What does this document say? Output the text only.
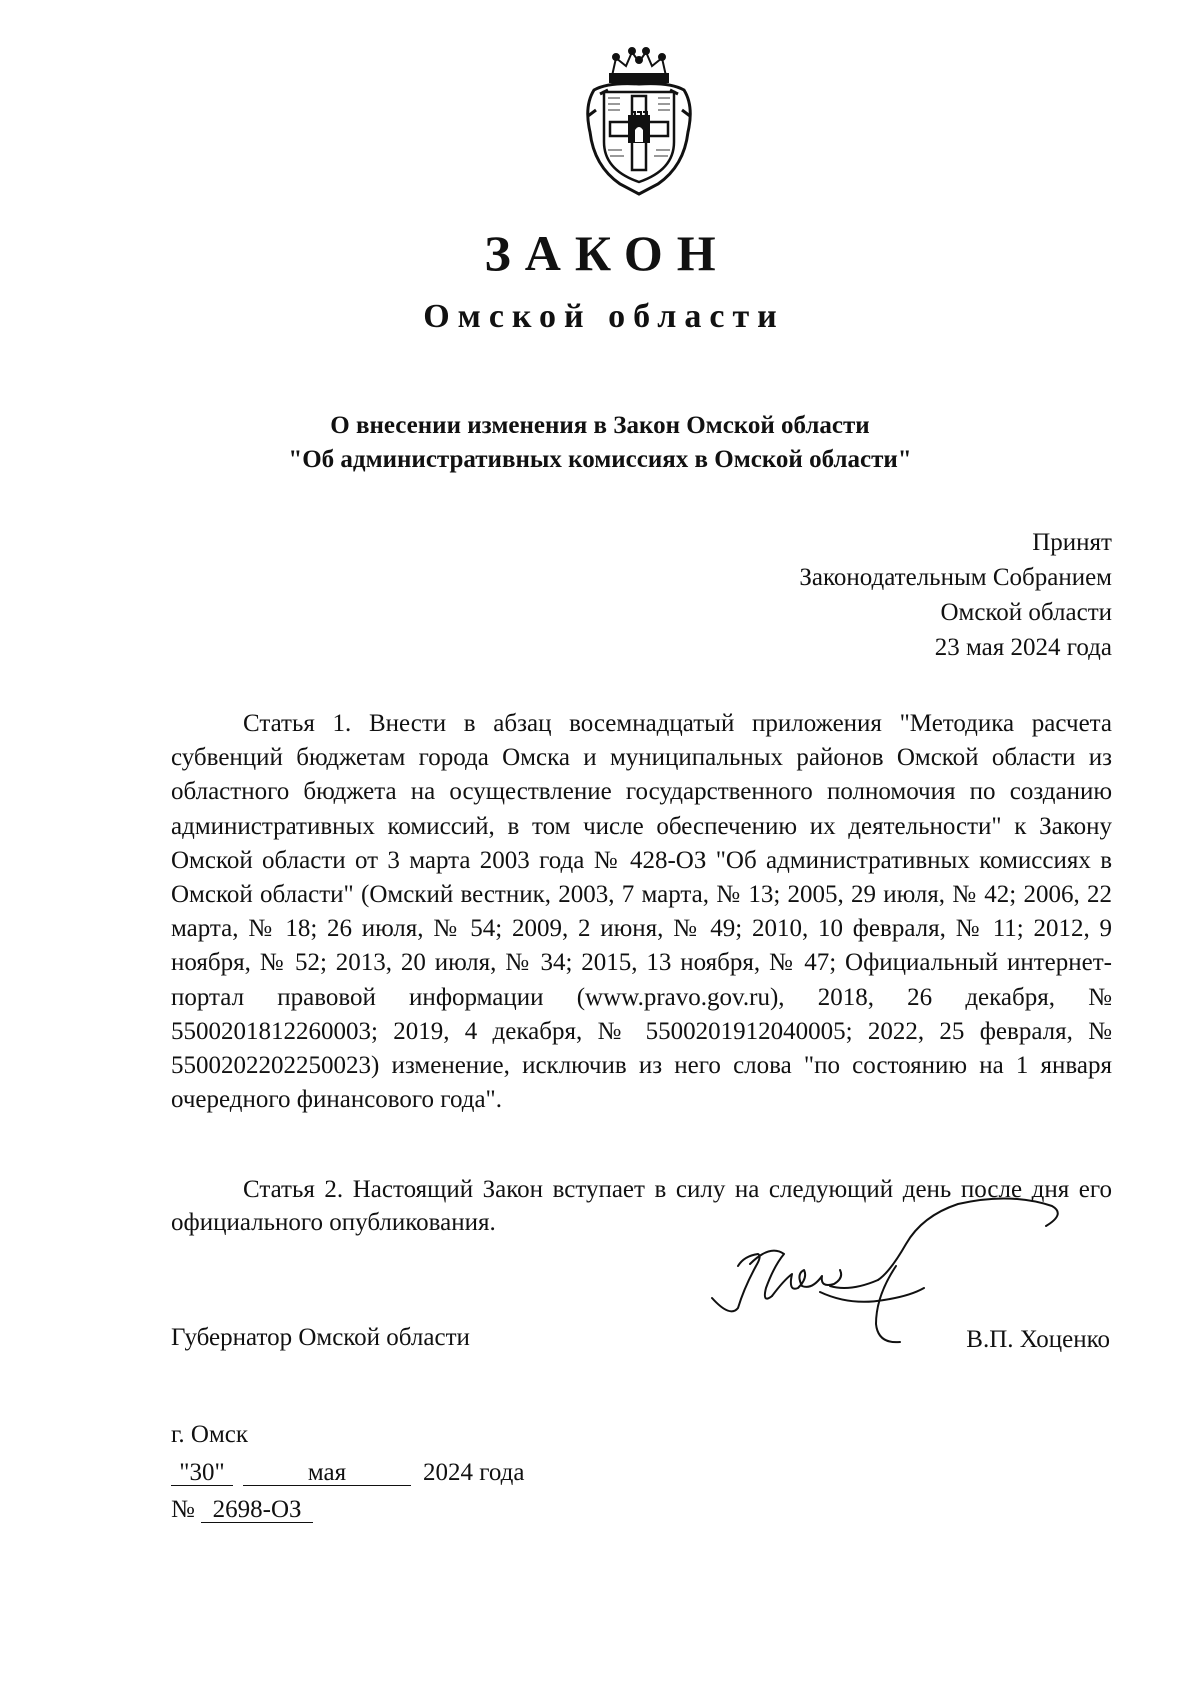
ЗАКОН
Омской области
О внесении изменения в Закон Омской области
"Об административных комиссиях в Омской области"
Принят
Законодательным Собранием
Омской области
23 мая 2024 года
Статья 1. Внести в абзац восемнадцатый приложения "Методика расчета субвенций бюджетам города Омска и муниципальных районов Омской области из областного бюджета на осуществление государственного полномочия по созданию административных комиссий, в том числе обеспечению их деятельности" к Закону Омской области от 3 марта 2003 года № 428-ОЗ "Об административных комиссиях в Омской области" (Омский вестник, 2003, 7 марта, № 13; 2005, 29 июля, № 42; 2006, 22 марта, № 18; 26 июля, № 54; 2009, 2 июня, № 49; 2010, 10 февраля, № 11; 2012, 9 ноября, № 52; 2013, 20 июля, № 34; 2015, 13 ноября, № 47; Официальный интернет-портал правовой информации (www.pravo.gov.ru), 2018, 26 декабря, № 5500201812260003; 2019, 4 декабря, № 5500201912040005; 2022, 25 февраля, № 5500202202250023) изменение, исключив из него слова "по состоянию на 1 января очередного финансового года".
Статья 2. Настоящий Закон вступает в силу на следующий день после дня его официального опубликования.
Губернатор Омской области	В.П. Хоценко
г. Омск
"30"	мая	2024 года
№ 2698-ОЗ
